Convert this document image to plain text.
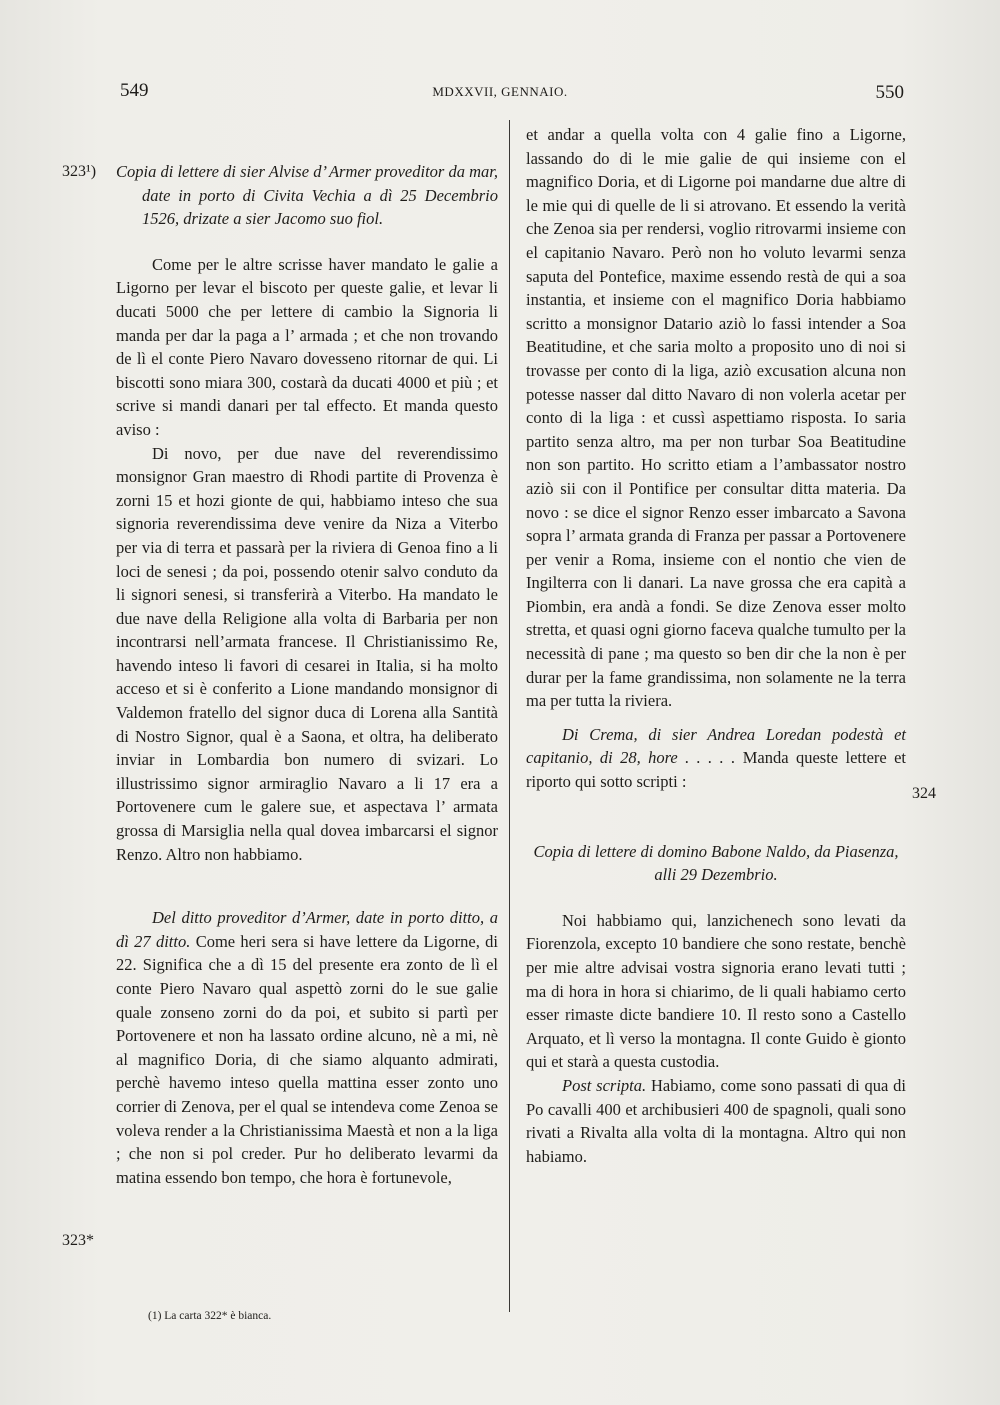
549	MDXXVII, GENNAIO.	550
323¹)
323*
324

Copia di lettere di sier Alvise d’ Armer proveditor da mar, date in porto di Civita Vechia a dì 25 Decembrio 1526, drizate a sier Jacomo suo fiol.

Come per le altre scrisse haver mandato le galie a Ligorno per levar el biscoto per queste galie, et levar li ducati 5000 che per lettere di cambio la Signoria li manda per dar la paga a l’ armada ; et che non trovando de lì el conte Piero Navaro dovesseno ritornar de qui. Li biscotti sono miara 300, costarà da ducati 4000 et più ; et scrive si mandi danari per tal effecto. Et manda questo aviso :

Di novo, per due nave del reverendissimo monsignor Gran maestro di Rhodi partite di Provenza è zorni 15 et hozi gionte de qui, habbiamo inteso che sua signoria reverendissima deve venire da Niza a Viterbo per via di terra et passarà per la riviera di Genoa fino a li loci de senesi ; da poi, possendo otenir salvo conduto da li signori senesi, si transferirà a Viterbo. Ha mandato le due nave della Religione alla volta di Barbaria per non incontrarsi nell’armata francese. Il Christianissimo Re, havendo inteso li favori di cesarei in Italia, si ha molto acceso et si è conferito a Lione mandando monsignor di Valdemon fratello del signor duca di Lorena alla Santità di Nostro Signor, qual è a Saona, et oltra, ha deliberato inviar in Lombardia bon numero di svizari. Lo illustrissimo signor armiraglio Navaro a li 17 era a Portovenere cum le galere sue, et aspectava l’ armata grossa di Marsiglia nella qual dovea imbarcarsi el signor Renzo. Altro non habbiamo.

Del ditto proveditor d’Armer, date in porto ditto, a dì 27 ditto. Come heri sera si have lettere da Ligorne, di 22. Significa che a dì 15 del presente era zonto de lì el conte Piero Navaro qual aspettò zorni do le sue galie quale zonseno zorni do da poi, et subito si partì per Portovenere et non ha lassato ordine alcuno, nè a mi, nè al magnifico Doria, di che siamo alquanto admirati, perchè havemo inteso quella mattina esser zonto uno corrier di Zenova, per el qual se intendeva come Zenoa se voleva render a la Christianissima Maestà et non a la liga ; che non si pol creder. Pur ho deliberato levarmi da matina essendo bon tempo, che hora è fortunevole,

et andar a quella volta con 4 galie fino a Ligorne, lassando do di le mie galie de qui insieme con el magnifico Doria, et di Ligorne poi mandarne due altre di le mie qui di quelle de li si atrovano. Et essendo la verità che Zenoa sia per rendersi, voglio ritrovarmi insieme con el capitanio Navaro. Però non ho voluto levarmi senza saputa del Pontefice, maxime essendo restà de qui a soa instantia, et insieme con el magnifico Doria habbiamo scritto a monsignor Datario aziò lo fassi intender a Soa Beatitudine, et che saria molto a proposito uno di noi si trovasse per conto di la liga, aziò excusation alcuna non potesse nasser dal ditto Navaro di non volerla acetar per conto di la liga : et cussì aspettiamo risposta. Io saria partito senza altro, ma per non turbar Soa Beatitudine non son partito. Ho scritto etiam a l’ambassator nostro aziò sii con il Pontifice per consultar ditta materia. Da novo : se dice el signor Renzo esser imbarcato a Savona sopra l’ armata granda di Franza per passar a Portovenere per venir a Roma, insieme con el nontio che vien de Ingilterra con li danari. La nave grossa che era capità a Piombin, era andà a fondi. Se dize Zenova esser molto stretta, et quasi ogni giorno faceva qualche tumulto per la necessità di pane ; ma questo so ben dir che la non è per durar per la fame grandissima, non solamente ne la terra ma per tutta la riviera.

Di Crema, di sier Andrea Loredan podestà et capitanio, di 28, hore . . . . . Manda queste lettere et riporto qui sotto scripti :

Copia di lettere di domino Babone Naldo, da Piasenza, alli 29 Dezembrio.

Noi habbiamo qui, lanzichenech sono levati da Fiorenzola, excepto 10 bandiere che sono restate, benchè per mie altre advisai vostra signoria erano levati tutti ; ma di hora in hora si chiarimo, de li quali habiamo certo esser rimaste dicte bandiere 10. Il resto sono a Castello Arquato, et lì verso la montagna. Il conte Guido è gionto qui et starà a questa custodia.

Post scripta. Habiamo, come sono passati di qua di Po cavalli 400 et archibusieri 400 de spagnoli, quali sono rivati a Rivalta alla volta di la montagna. Altro qui non habiamo.

(1) La carta 322* è bianca.
